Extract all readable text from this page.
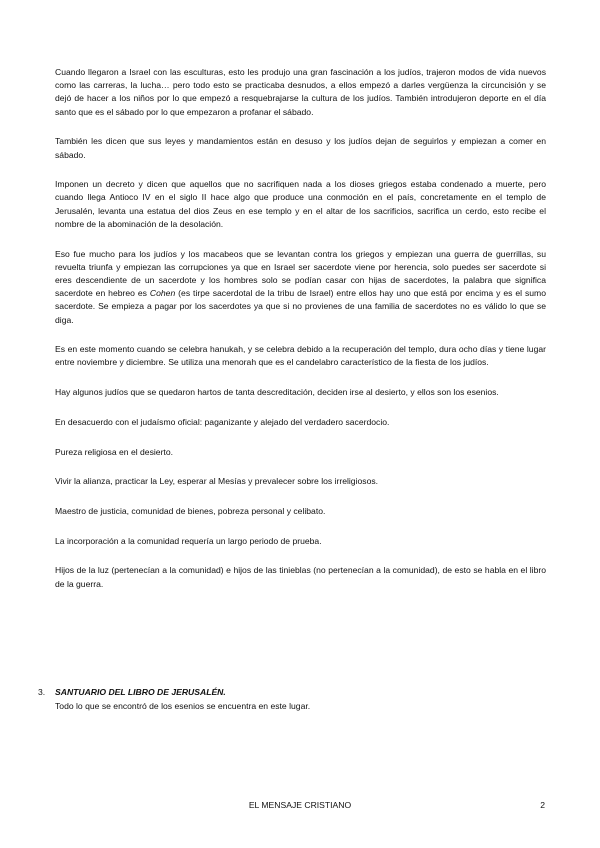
Cuando llegaron a Israel con las esculturas, esto les produjo una gran fascinación a los judíos, trajeron modos de vida nuevos como las carreras, la lucha… pero todo esto se practicaba desnudos, a ellos empezó a darles vergüenza la circuncisión y se dejó de hacer a los niños por lo que empezó a resquebrajarse la cultura de los judíos. También introdujeron deporte en el día santo que es el sábado por lo que empezaron a profanar el sábado.

También les dicen que sus leyes y mandamientos están en desuso y los judíos dejan de seguirlos y empiezan a comer en sábado.

Imponen un decreto y dicen que aquellos que no sacrifiquen nada a los dioses griegos estaba condenado a muerte, pero cuando llega Antioco IV en el siglo II hace algo que produce una conmoción en el país, concretamente en el templo de Jerusalén, levanta una estatua del dios Zeus en ese templo y en el altar de los sacrificios, sacrifica un cerdo, esto recibe el nombre de la abominación de la desolación.

Eso fue mucho para los judíos y los macabeos que se levantan contra los griegos y empiezan una guerra de guerrillas, su revuelta triunfa y empiezan las corrupciones ya que en Israel ser sacerdote viene por herencia, solo puedes ser sacerdote si eres descendiente de un sacerdote y los hombres solo se podían casar con hijas de sacerdotes, la palabra que significa sacerdote en hebreo es Cohen (es tirpe sacerdotal de la tribu de Israel) entre ellos hay uno que está por encima y es el sumo sacerdote. Se empieza a pagar por los sacerdotes ya que si no provienes de una familia de sacerdotes no es válido lo que se diga.

Es en este momento cuando se celebra hanukah, y se celebra debido a la recuperación del templo, dura ocho días y tiene lugar entre noviembre y diciembre. Se utiliza una menorah que es el candelabro característico de la fiesta de los judíos.

Hay algunos judíos que se quedaron hartos de tanta descreditación, deciden irse al desierto, y ellos son los esenios.

En desacuerdo con el judaísmo oficial: paganizante y alejado del verdadero sacerdocio.

Pureza religiosa en el desierto.

Vivir la alianza, practicar la Ley, esperar al Mesías y prevalecer sobre los irreligiosos.

Maestro de justicia, comunidad de bienes, pobreza personal y celibato.

La incorporación a la comunidad requería un largo periodo de prueba.

Hijos de la luz (pertenecían a la comunidad) e hijos de las tinieblas (no pertenecían a la comunidad), de esto se habla en el libro de la guerra.

3. SANTUARIO DEL LIBRO DE JERUSALÉN.
Todo lo que se encontró de los esenios se encuentra en este lugar.
EL MENSAJE CRISTIANO	2
